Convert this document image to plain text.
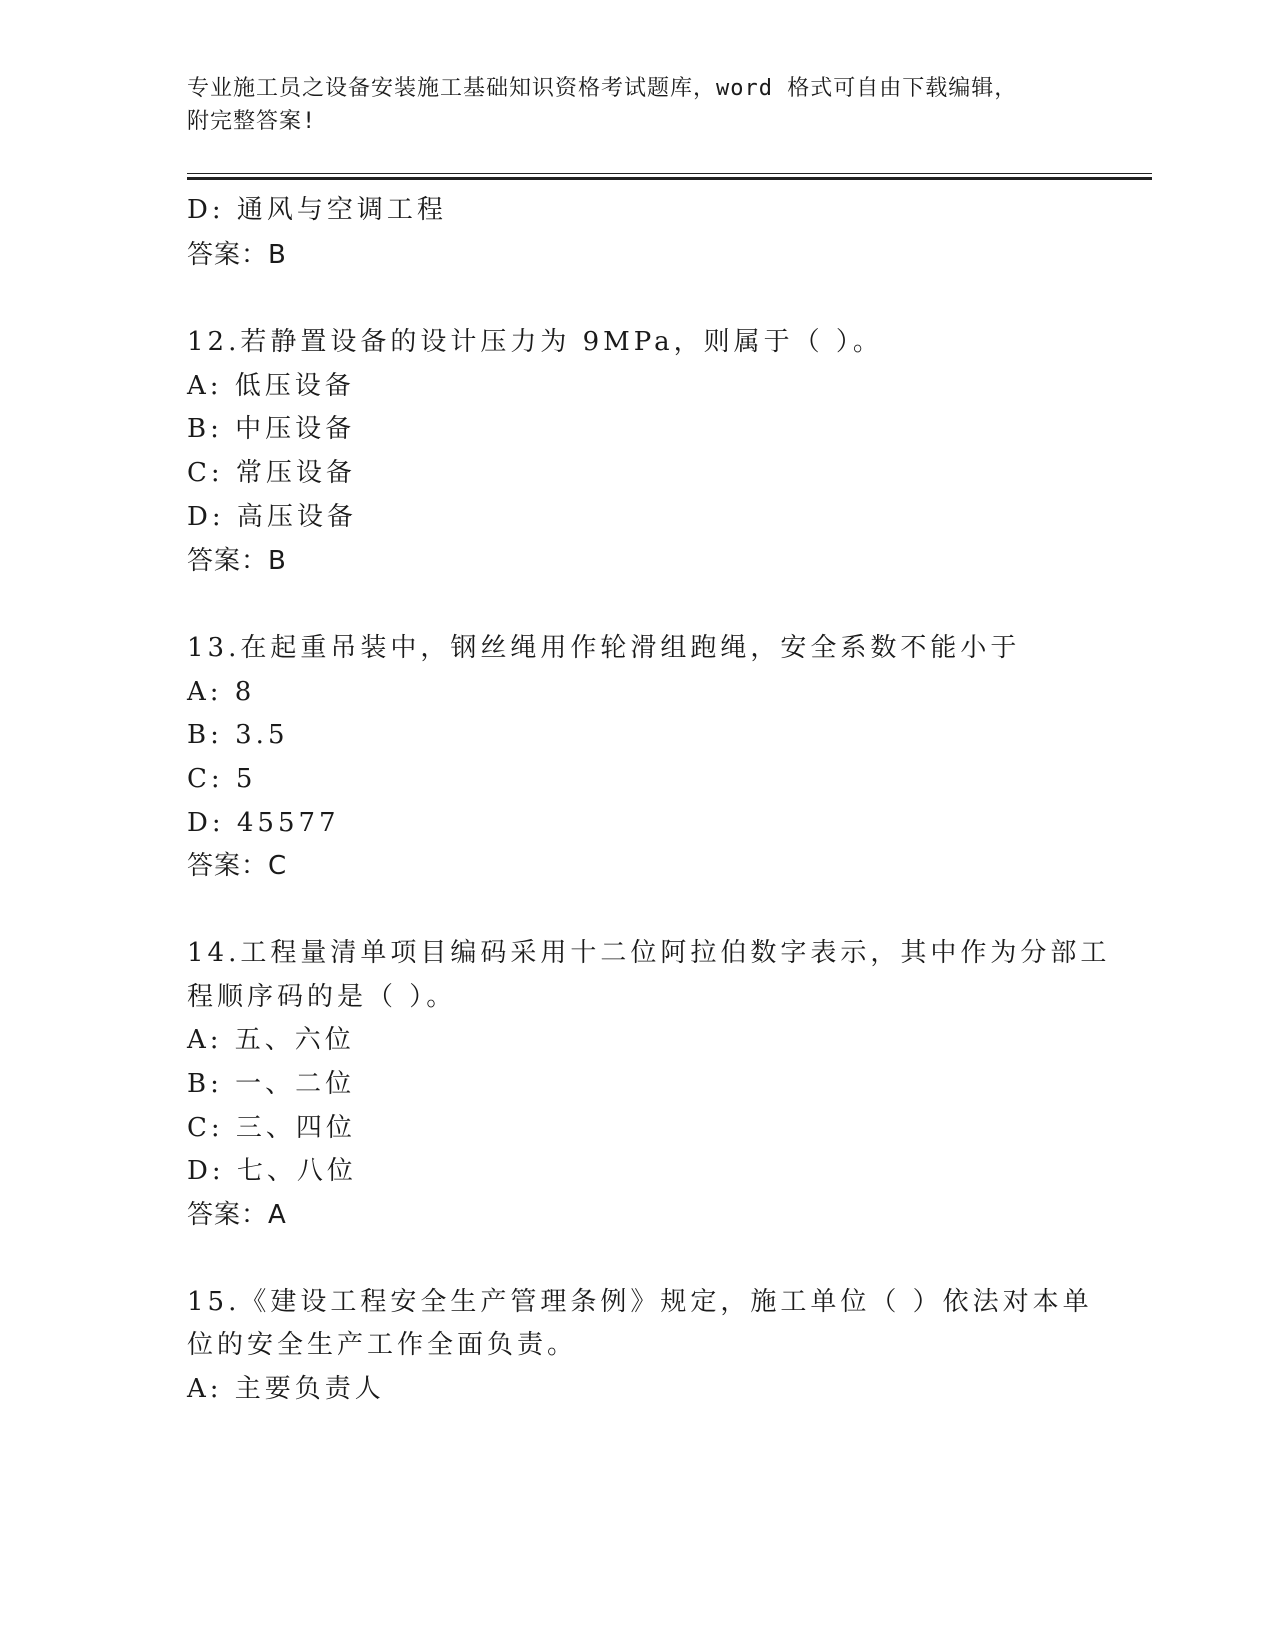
专业施工员之设备安装施工基础知识资格考试题库，word 格式可自由下载编辑，
附完整答案!
D: 通风与空调工程
答案：B
12.若静置设备的设计压力为 9MPa，则属于（ ）。
A: 低压设备
B: 中压设备
C: 常压设备
D: 高压设备
答案：B
13.在起重吊装中，钢丝绳用作轮滑组跑绳，安全系数不能小于
A: 8
B: 3.5
C: 5
D: 45577
答案：C
14.工程量清单项目编码采用十二位阿拉伯数字表示，其中作为分部工
程顺序码的是（ ）。
A: 五、六位
B: 一、二位
C: 三、四位
D: 七、八位
答案：A
15.《建设工程安全生产管理条例》规定，施工单位（ ）依法对本单
位的安全生产工作全面负责。
A: 主要负责人
